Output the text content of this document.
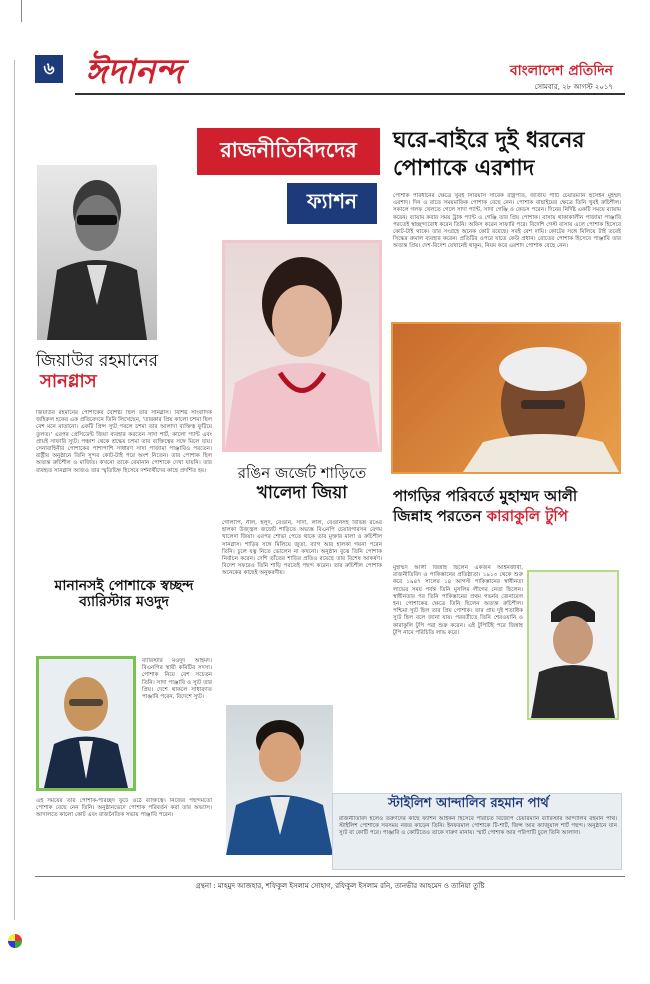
৬ ঈদানন্দ	বাংলাদেশ প্রতিদিন
সোমবার, ২৮ আগস্ট ২০১৭
রাজনীতিবিদদের
ফ্যাশন
জিয়াউর রহমানের
সানগ্লাস
জিয়াউর রহমানের পোশাকের বৈশিষ্ট্য ছিল তার সানগ্লাস। বিশিষ্ট সাংবাদিক জহিরুল হকের এক প্রতিবেদনে তিনি লিখেছেন, 'তারকার প্রিয় কালো চশমা ছিল বেশ মনে মাতানো। একটি প্রিন্স স্যুট পরলে চশমা তার আলাদা ব্যক্তিত্ব ফুটিয়ে তুলত।' এরপর প্রেসিডেন্ট জিয়া ব্যবহার করতেন সাদা শার্ট, কালো প্যান্ট এবং প্রায়ই সাফারি স্যুট। পঞ্চাশ থেকে শ্রদ্ধেয় চশমা তার ব্যক্তিত্বের সঙ্গে মিলে যায়। সেনাবাহিনীর পোশাকের পাশাপাশি সাধারণ সাদা পাজামা পাঞ্জাবিও পরতেন। রাষ্ট্রীয় অনুষ্ঠানে তিনি সুন্দর কোট-টাই পরে অংশ নিতেন। তার পোশাক ছিল অত্যন্ত রুচিশীল ও মার্জিত। কখনো তাকে বেমানান পোশাকে দেখা যায়নি। তার ব্যবহৃত সানগ্লাস আজও তার স্মৃতিচিহ্ন হিসেবে দর্শনার্থীদের কাছে প্রদর্শিত হয়।
মানানসই পোশাকে স্বচ্ছন্দ
ব্যারিস্টার মওদুদ
ব্যারিস্টার মওদুদ আহমদ। বিএনপির স্থায়ী কমিটির সদস্য। পোশাক নিয়ে বেশ সচেতন তিনি। সাদা পাঞ্জাবি ও স্যুট তার প্রিয়। দেশে থাকলে সাধারণত পাঞ্জাবি পরেন, বিদেশে স্যুট।
এই সময়ের তার পোশাক-পরিচ্ছদ ফুটে ওঠে ব্যক্তিত্বে। নিজের পছন্দমতো পোশাক বেছে নেন তিনি। অনুষ্ঠানভেদে পোশাক পরিবর্তন করা তার অভ্যাস। আদালতে কালো কোট এবং রাজনৈতিক সভায় পাঞ্জাবি পরেন।
রঙিন জর্জেট শাড়িতে
খালেদা জিয়া
গোলাপি, নীল, হলুদ, বেগুনি, সাদা, লাল, বেগুনিসহ বিভিন্ন রঙের হালকা উজ্জ্বল জর্জেট শাড়িতে অভ্যস্ত বিএনপি চেয়ারপারসন বেগম খালেদা জিয়া। এরপর শোভা পেতে থাকে তার মুক্তার মালা ও রুচিশীল সানগ্লাস। শাড়ির সঙ্গে মিলিয়ে জুতা, ব্যাগ আর হালকা গয়না পরেন তিনি। চুলে যত্ন নিতে ভোলেন না কখনো। অনুষ্ঠান বুঝে তিনি পোশাক নির্বাচন করেন। দেশি তাঁতের শাড়ির প্রতিও রয়েছে তার বিশেষ আকর্ষণ। বিদেশ সফরেও তিনি শাড়ি পরতেই পছন্দ করেন। তার রুচিশীল পোশাক অনেকের কাছেই অনুকরণীয়।
স্টাইলিশ আন্দালিব রহমান পার্থ
রাজনীতিবিদ হলেও তরুণদের কাছে ফ্যাশন আইকন হিসেবে পরিচিত বিজেপি চেয়ারম্যান ব্যারিস্টার আন্দালিব রহমান পার্থ। স্টাইলিশ পোশাকে সবসময় নজর কাড়েন তিনি। ইনফরমাল পোশাকে টি-শার্ট, জিন্স আর ক্যাজুয়াল শার্ট পছন্দ। অনুষ্ঠানে যান স্যুট বা কোটি পরে। পাঞ্জাবি ও কোটিতেও তাকে দারুণ মানায়। স্মার্ট পোশাক আর পরিপাটি চুলে তিনি আলাদা।
ঘরে-বাইরে দুই ধরনের পোশাকে এরশাদ
পোশাক পরিধানের ক্ষেত্রে খুবই সিরিয়াস সাবেক রাষ্ট্রপতি, জাতীয় পার্টি চেয়ারম্যান হুসেইন মুহম্মদ এরশাদ। দিন ও রাতে সময়মাফিক পোশাক বেছে নেন। পোশাক বাছাইয়ের ক্ষেত্রে তিনি খুবই রুচিশীল। সকালে গলফ খেলতে গেলে সাদা প্যান্ট, সাদা গেঞ্জি ও কেডস পরেন। দিনের নির্দিষ্ট একটি সময়ে ব্যায়াম করেন। ব্যায়াম করার সময় ট্রাক প্যান্ট ও গেঞ্জি তার প্রিয় পোশাক। বাসায় থাকাকালীন পাজামা পাঞ্জাবি পরতেই স্বাচ্ছন্দ্যবোধ করেন তিনি। অফিস করেন সাফারি পরে। বিদেশি গেস্ট বাসায় এলে পোশাক হিসেবে কোট-টাই থাকে। তার সংগ্রহে অনেক কোট রয়েছে। সবই বেশ দামি। কোটের সঙ্গে মিলিয়ে টাই তবেই সিদ্ধের রুমাল ব্যবহার করেন। প্রতিটির ওপরে যাতে কেউ প্রধান। রোতের পোশাক হিসেবে পাঞ্জাবি তার অত্যন্ত প্রিয়। দেশ-বিদেশ যেখানেই থাকুন, নিয়ম করে এরশাদ পোশাক বেছে নেন।
পাগড়ির পরিবর্তে মুহাম্মদ আলী
জিন্নাহ পরতেন কারাকুলি টুপি
মুহাম্মদ আলী জিন্নাহ ছিলেন একজন আইনজীবী, রাজনীতিবিদ ও পাকিস্তানের প্রতিষ্ঠাতা। ১৯১৩ থেকে শুরু করে ১৯৪৭ সালের ১৪ আগস্ট পাকিস্তানের স্বাধীনতা লাভের সময় পর্যন্ত তিনি মুসলিম লীগের নেতা ছিলেন। স্বাধীনতার পর তিনি পাকিস্তানের প্রথম গভর্নর জেনারেল হন। পোশাকের ক্ষেত্রে তিনি ছিলেন অত্যন্ত রুচিশীল। পশ্চিমা স্যুট ছিল তার প্রিয় পোশাক। তার প্রায় দুই শতাধিক স্যুট ছিল বলে জানা যায়। পরবর্তীতে তিনি শেরওয়ানি ও কারাকুলি টুপি পরা শুরু করেন। এই টুপিটিই পরে জিন্নাহ টুপি নামে পরিচিতি লাভ করে।
গ্রন্থনা : মাহমুদ আজহার, শফিকুল ইসলাম সোহাগ, রফিকুল ইসলাম রনি, তানভীর আহমেদ ও তানিয়া তুষ্টি
